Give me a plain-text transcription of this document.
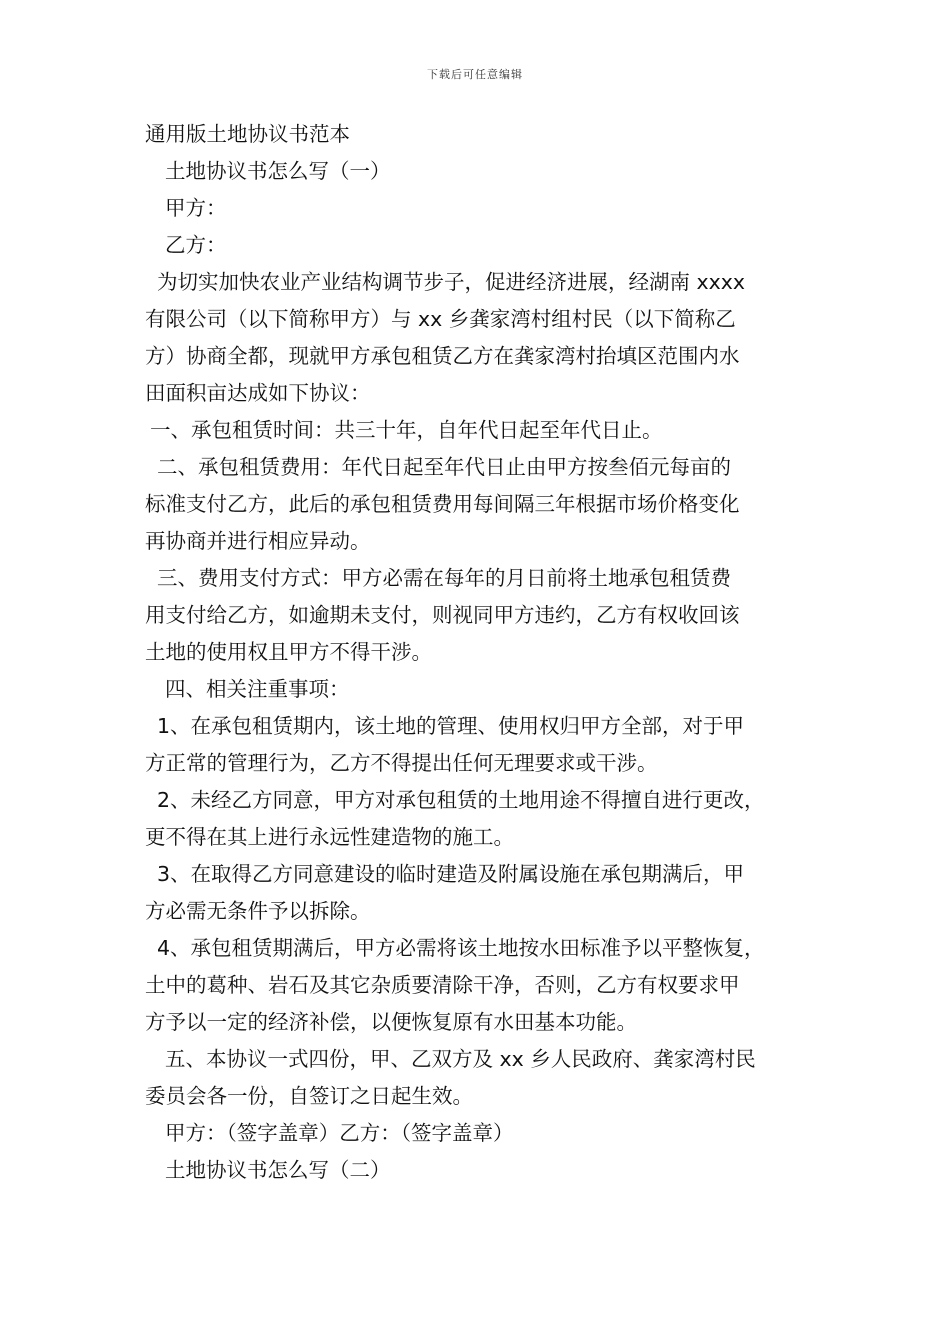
下载后可任意编辑

通用版土地协议书范本

土地协议书怎么写（一）

甲方：

乙方：

为切实加快农业产业结构调节步子，促进经济进展，经湖南 xxxx

有限公司（以下简称甲方）与 xx 乡龚家湾村组村民（以下简称乙

方）协商全都，现就甲方承包租赁乙方在龚家湾村抬填区范围内水

田面积亩达成如下协议：

一、承包租赁时间：共三十年，自年代日起至年代日止。

二、承包租赁费用：年代日起至年代日止由甲方按叁佰元每亩的

标准支付乙方，此后的承包租赁费用每间隔三年根据市场价格变化

再协商并进行相应异动。

三、费用支付方式：甲方必需在每年的月日前将土地承包租赁费

用支付给乙方，如逾期未支付，则视同甲方违约，乙方有权收回该

土地的使用权且甲方不得干涉。

四、相关注重事项：

1、在承包租赁期内，该土地的管理、使用权归甲方全部，对于甲

方正常的管理行为，乙方不得提出任何无理要求或干涉。

2、未经乙方同意，甲方对承包租赁的土地用途不得擅自进行更改，

更不得在其上进行永远性建造物的施工。

3、在取得乙方同意建设的临时建造及附属设施在承包期满后，甲

方必需无条件予以拆除。

4、承包租赁期满后，甲方必需将该土地按水田标准予以平整恢复，

土中的葛种、岩石及其它杂质要清除干净，否则，乙方有权要求甲

方予以一定的经济补偿，以便恢复原有水田基本功能。

五、本协议一式四份，甲、乙双方及 xx 乡人民政府、龚家湾村民

委员会各一份，自签订之日起生效。

甲方：（签字盖章）乙方：（签字盖章）

土地协议书怎么写（二）
